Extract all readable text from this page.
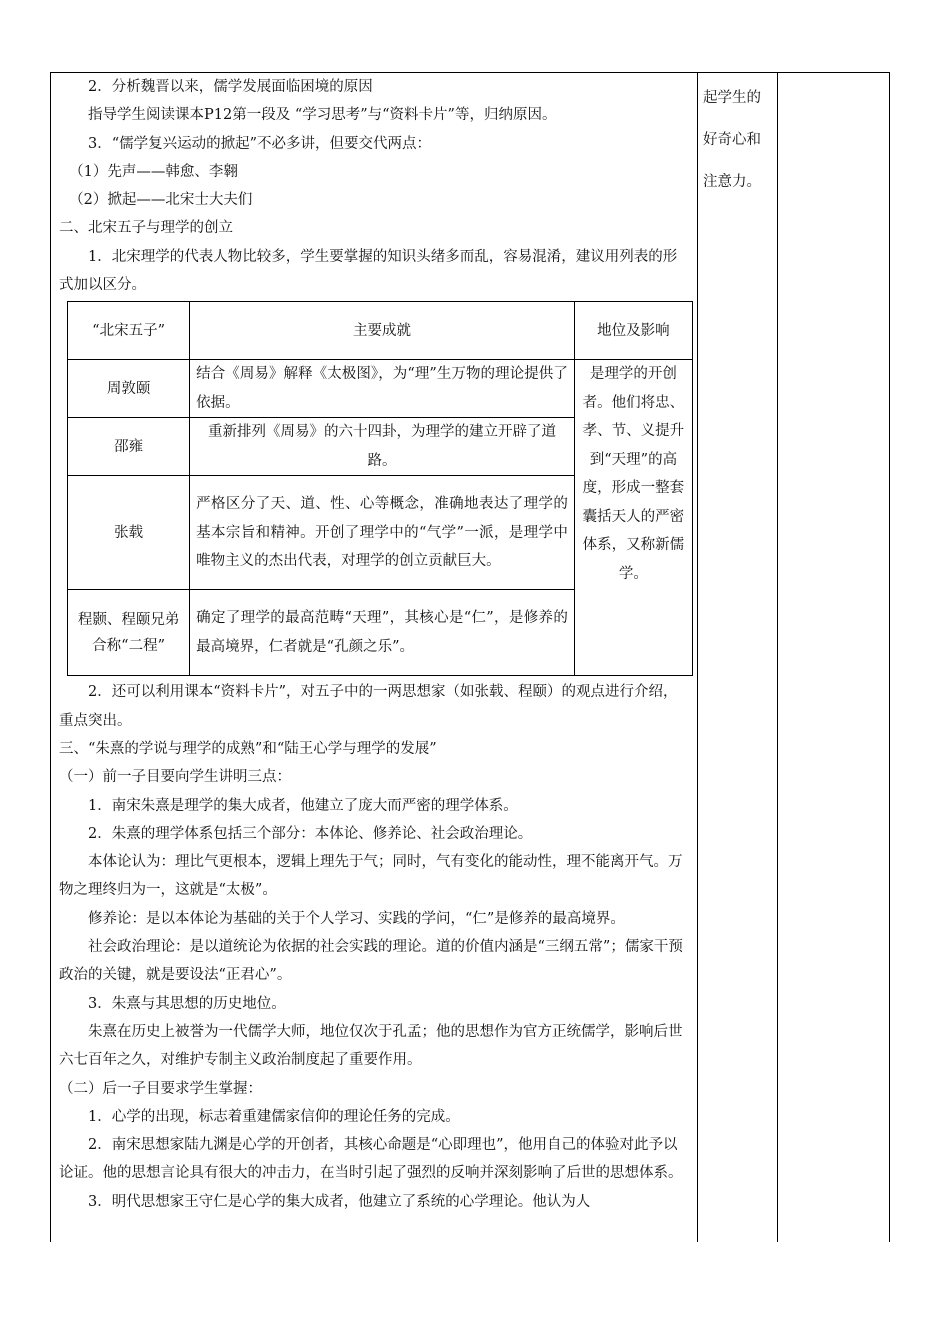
2．分析魏晋以来，儒学发展面临困境的原因

指导学生阅读课本P12第一段及 “学习思考”与“资料卡片”等，归纳原因。

3．“儒学复兴运动的掀起”不必多讲，但要交代两点：

（1）先声——韩愈、李翱

（2）掀起——北宋士大夫们

二、北宋五子与理学的创立

1．北宋理学的代表人物比较多，学生要掌握的知识头绪多而乱，容易混淆，建议用列表的形式加以区分。

“北宋五子”	主要成就	地位及影响
周敦颐	结合《周易》解释《太极图》，为“理”生万物的理论提供了依据。	是理学的开创者。他们将忠、孝、节、义提升到“天理”的高度，形成一整套囊括天人的严密体系，又称新儒学。
邵雍	重新排列《周易》的六十四卦，为理学的建立开辟了道路。	
张载	严格区分了天、道、性、心等概念，准确地表达了理学的基本宗旨和精神。开创了理学中的“气学”一派，是理学中唯物主义的杰出代表，对理学的创立贡献巨大。	
程颢、程颐兄弟合称“二程”	确定了理学的最高范畴“天理”，其核心是“仁”，是修养的最高境界，仁者就是“孔颜之乐”。	

2．还可以利用课本“资料卡片”，对五子中的一两思想家（如张载、程颐）的观点进行介绍，重点突出。

三、“朱熹的学说与理学的成熟”和“陆王心学与理学的发展”

（一）前一子目要向学生讲明三点：

1．南宋朱熹是理学的集大成者，他建立了庞大而严密的理学体系。

2．朱熹的理学体系包括三个部分：本体论、修养论、社会政治理论。

本体论认为：理比气更根本，逻辑上理先于气；同时，气有变化的能动性，理不能离开气。万物之理终归为一，这就是“太极”。

修养论：是以本体论为基础的关于个人学习、实践的学问，“仁”是修养的最高境界。

社会政治理论：是以道统论为依据的社会实践的理论。道的价值内涵是“三纲五常”；儒家干预政治的关键，就是要设法“正君心”。

3．朱熹与其思想的历史地位。

朱熹在历史上被誉为一代儒学大师，地位仅次于孔孟；他的思想作为官方正统儒学，影响后世六七百年之久，对维护专制主义政治制度起了重要作用。

（二）后一子目要求学生掌握：

1．心学的出现，标志着重建儒家信仰的理论任务的完成。

2．南宋思想家陆九渊是心学的开创者，其核心命题是“心即理也”，他用自己的体验对此予以论证。他的思想言论具有很大的冲击力，在当时引起了强烈的反响并深刻影响了后世的思想体系。

3．明代思想家王守仁是心学的集大成者，他建立了系统的心学理论。他认为人

起学生的
好奇心和
注意力。
